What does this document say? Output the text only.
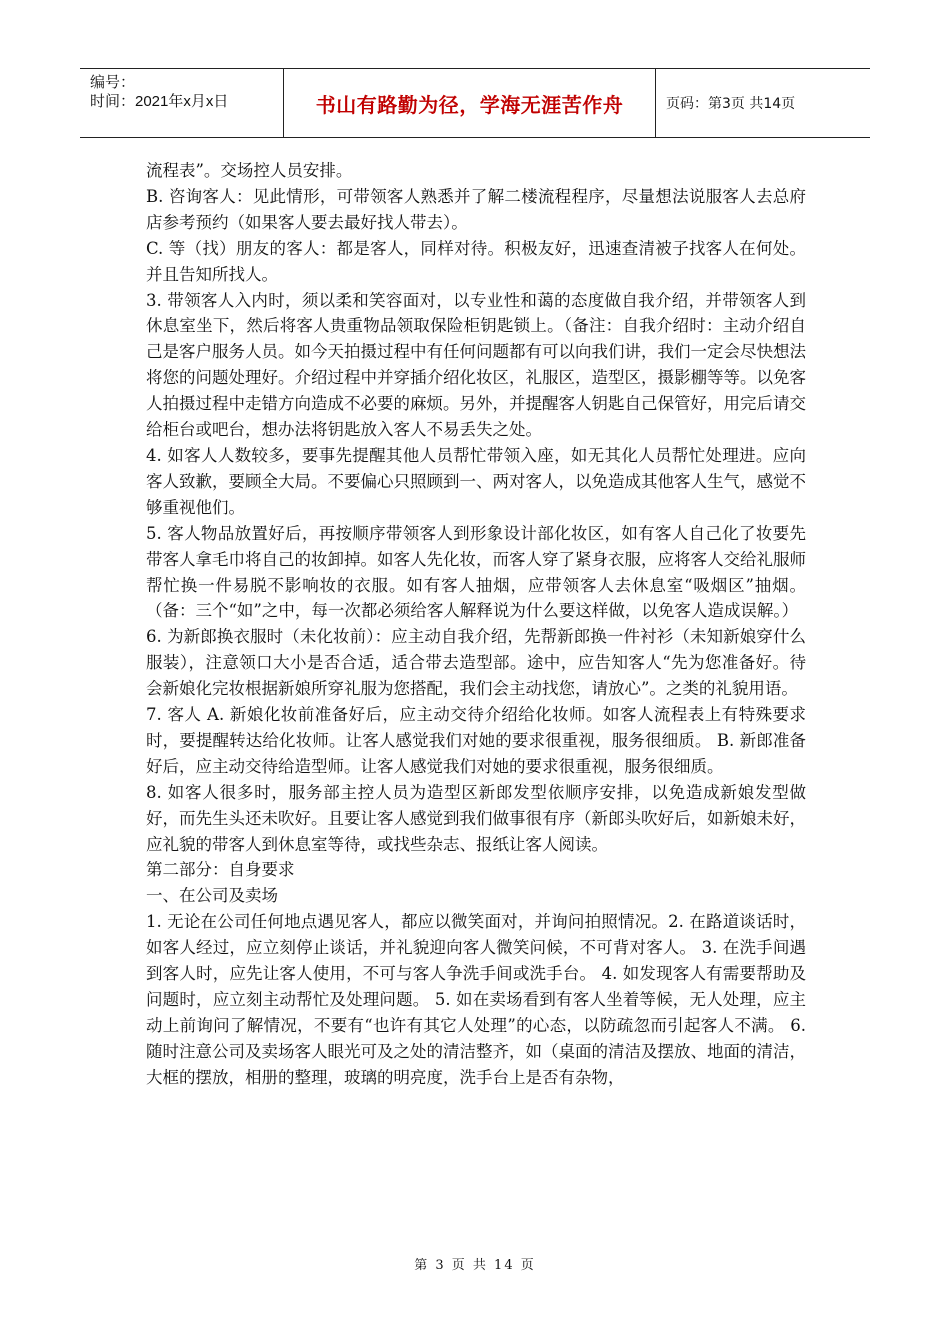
编号：
时间：2021年x月x日	书山有路勤为径，学海无涯苦作舟	页码：第3页 共14页

流程表”。交场控人员安排。

B. 咨询客人：见此情形，可带领客人熟悉并了解二楼流程程序，尽量想法说服客人去总府店参考预约（如果客人要去最好找人带去）。

C. 等（找）朋友的客人：都是客人，同样对待。积极友好，迅速查清被子找客人在何处。并且告知所找人。

3. 带领客人入内时，须以柔和笑容面对，以专业性和蔼的态度做自我介绍，并带领客人到休息室坐下，然后将客人贵重物品领取保险柜钥匙锁上。（备注：自我介绍时：主动介绍自己是客户服务人员。如今天拍摄过程中有任何问题都有可以向我们讲，我们一定会尽快想法将您的问题处理好。介绍过程中并穿插介绍化妆区，礼服区，造型区，摄影棚等等。以免客人拍摄过程中走错方向造成不必要的麻烦。另外，并提醒客人钥匙自己保管好，用完后请交给柜台或吧台，想办法将钥匙放入客人不易丢失之处。

4. 如客人人数较多，要事先提醒其他人员帮忙带领入座，如无其化人员帮忙处理进。应向客人致歉，要顾全大局。不要偏心只照顾到一、两对客人，以免造成其他客人生气，感觉不够重视他们。

5. 客人物品放置好后，再按顺序带领客人到形象设计部化妆区，如有客人自己化了妆要先带客人拿毛巾将自己的妆卸掉。如客人先化妆，而客人穿了紧身衣服，应将客人交给礼服师帮忙换一件易脱不影响妆的衣服。如有客人抽烟，应带领客人去休息室“吸烟区”抽烟。（备：三个“如”之中，每一次都必须给客人解释说为什么要这样做，以免客人造成误解。）

6. 为新郎换衣服时（未化妆前）：应主动自我介绍，先帮新郎换一件衬衫（未知新娘穿什么服装），注意领口大小是否合适，适合带去造型部。途中，应告知客人“先为您准备好。待会新娘化完妆根据新娘所穿礼服为您搭配，我们会主动找您，请放心”。之类的礼貌用语。

7. 客人 A. 新娘化妆前准备好后，应主动交待介绍给化妆师。如客人流程表上有特殊要求时，要提醒转达给化妆师。让客人感觉我们对她的要求很重视，服务很细质。 B. 新郎准备好后，应主动交待给造型师。让客人感觉我们对她的要求很重视，服务很细质。

8. 如客人很多时，服务部主控人员为造型区新郎发型依顺序安排，以免造成新娘发型做好，而先生头还未吹好。且要让客人感觉到我们做事很有序（新郎头吹好后，如新娘未好，应礼貌的带客人到休息室等待，或找些杂志、报纸让客人阅读。

第二部分：自身要求

一、在公司及卖场

1. 无论在公司任何地点遇见客人，都应以微笑面对，并询问拍照情况。2. 在路道谈话时，如客人经过，应立刻停止谈话，并礼貌迎向客人微笑问候，不可背对客人。 3. 在洗手间遇到客人时，应先让客人使用，不可与客人争洗手间或洗手台。 4. 如发现客人有需要帮助及问题时，应立刻主动帮忙及处理问题。 5. 如在卖场看到有客人坐着等候，无人处理，应主动上前询问了解情况，不要有“也许有其它人处理”的心态，以防疏忽而引起客人不满。 6. 随时注意公司及卖场客人眼光可及之处的清洁整齐，如（桌面的清洁及摆放、地面的清洁，大框的摆放，相册的整理，玻璃的明亮度，洗手台上是否有杂物，

第 3 页 共 14 页
